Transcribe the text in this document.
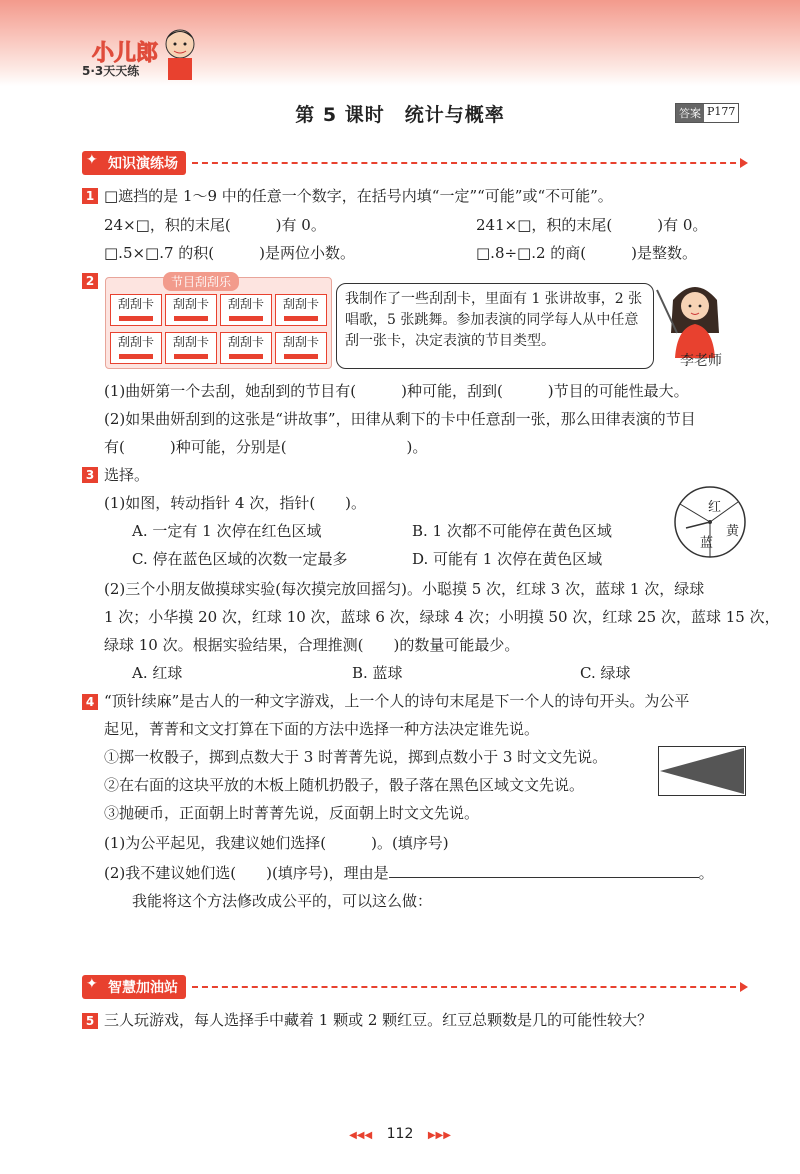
小儿郎
5·3天天练
第 5 课时　统计与概率	答案 P177
✦ 知识演练场
1 □遮挡的是 1～9 中的任意一个数字，在括号内填“一定”“可能”或“不可能”。
24×□，积的末尾(　　　)有 0。	241×□，积的末尾(　　　)有 0。
□.5×□.7 的积(　　　)是两位小数。	□.8÷□.2 的商(　　　)是整数。
2	节目刮刮乐
刮刮卡	刮刮卡	刮刮卡	刮刮卡
刮刮卡	刮刮卡	刮刮卡	刮刮卡
我制作了一些刮刮卡，里面有 1 张讲故事，2 张唱歌，5 张跳舞。参加表演的同学每人从中任意刮一张卡，决定表演的节目类型。
李老师
(1)曲妍第一个去刮，她刮到的节目有(　　　)种可能，刮到(　　　)节目的可能性最大。
(2)如果曲妍刮到的这张是“讲故事”，田律从剩下的卡中任意刮一张，那么田律表演的节目
有(　　　)种可能，分别是(　　　　　　　　)。
3 选择。
(1)如图，转动指针 4 次，指针(　　)。
A. 一定有 1 次停在红色区域	B. 1 次都不可能停在黄色区域
C. 停在蓝色区域的次数一定最多	D. 可能有 1 次停在黄色区域
红
黄
蓝
(2)三个小朋友做摸球实验(每次摸完放回摇匀)。小聪摸 5 次，红球 3 次，蓝球 1 次，绿球
1 次；小华摸 20 次，红球 10 次，蓝球 6 次，绿球 4 次；小明摸 50 次，红球 25 次，蓝球 15 次，
绿球 10 次。根据实验结果，合理推测(　　)的数量可能最少。
A. 红球	B. 蓝球	C. 绿球
4 “顶针续麻”是古人的一种文字游戏，上一个人的诗句末尾是下一个人的诗句开头。为公平
起见，菁菁和文文打算在下面的方法中选择一种方法决定谁先说。
①掷一枚骰子，掷到点数大于 3 时菁菁先说，掷到点数小于 3 时文文先说。
②在右面的这块平放的木板上随机扔骰子，骰子落在黑色区域文文先说。
③抛硬币，正面朝上时菁菁先说，反面朝上时文文先说。
(1)为公平起见，我建议她们选择(　　　)。(填序号)
(2)我不建议她们选(　　)(填序号)，理由是	。
我能将这个方法修改成公平的，可以这么做：
✦ 智慧加油站
5 三人玩游戏，每人选择手中藏着 1 颗或 2 颗红豆。红豆总颗数是几的可能性较大？
◀◀◀ 112 ▶▶▶
